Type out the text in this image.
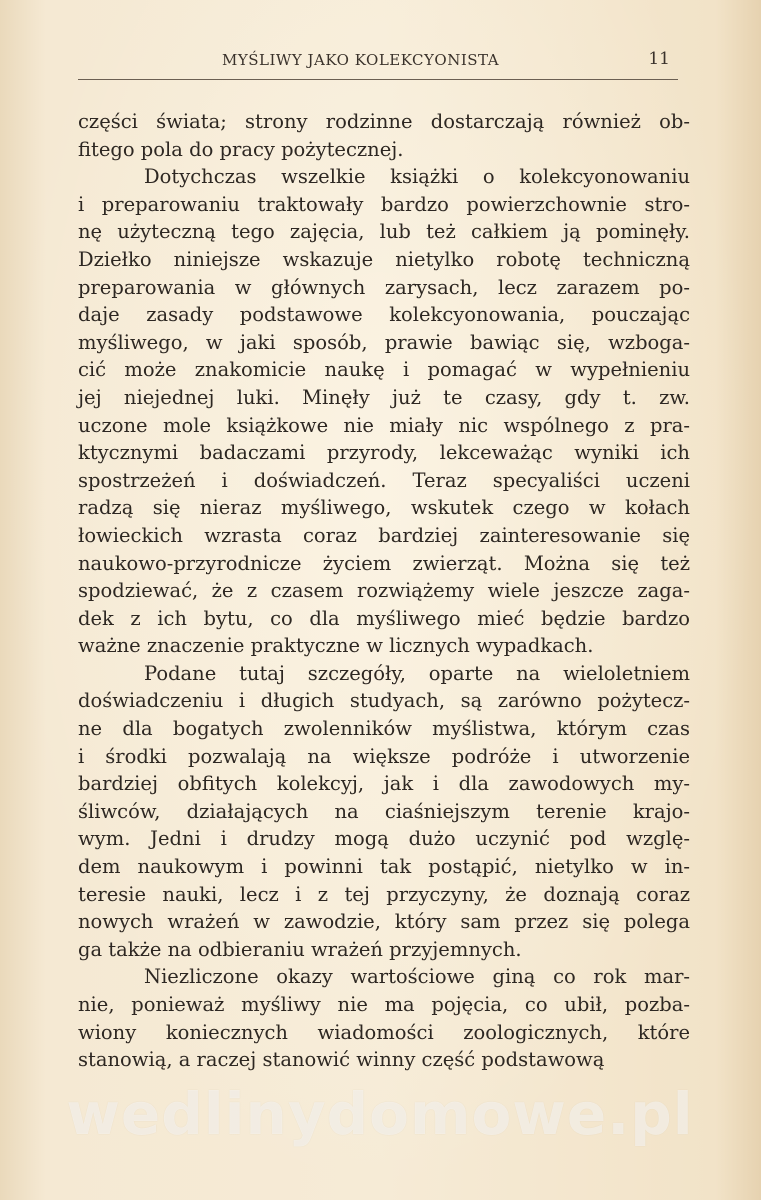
MYŚLIWY JAKO KOLEKCYONISTA	11
części świata; strony rodzinne dostarczają również ob-
fitego pola do pracy pożytecznej.
Dotychczas wszelkie książki o kolekcyonowaniu
i preparowaniu traktowały bardzo powierzchownie stro-
nę użyteczną tego zajęcia, lub też całkiem ją pominęły.
Dziełko niniejsze wskazuje nietylko robotę techniczną
preparowania w głównych zarysach, lecz zarazem po-
daje zasady podstawowe kolekcyonowania, pouczając
myśliwego, w jaki sposób, prawie bawiąc się, wzboga-
cić może znakomicie naukę i pomagać w wypełnieniu
jej niejednej luki. Minęły już te czasy, gdy t. zw.
uczone mole książkowe nie miały nic wspólnego z pra-
ktycznymi badaczami przyrody, lekceważąc wyniki ich
spostrzeżeń i doświadczeń. Teraz specyaliści uczeni
radzą się nieraz myśliwego, wskutek czego w kołach
łowieckich wzrasta coraz bardziej zainteresowanie się
naukowo-przyrodnicze życiem zwierząt. Można się też
spodziewać, że z czasem rozwiążemy wiele jeszcze zaga-
dek z ich bytu, co dla myśliwego mieć będzie bardzo
ważne znaczenie praktyczne w licznych wypadkach.
Podane tutaj szczegóły, oparte na wieloletniem
doświadczeniu i długich studyach, są zarówno pożytecz-
ne dla bogatych zwolenników myślistwa, którym czas
i środki pozwalają na większe podróże i utworzenie
bardziej obfitych kolekcyj, jak i dla zawodowych my-
śliwców, działających na ciaśniejszym terenie krajo-
wym. Jedni i drudzy mogą dużo uczynić pod wzglę-
dem naukowym i powinni tak postąpić, nietylko w in-
teresie nauki, lecz i z tej przyczyny, że doznają coraz
nowych wrażeń w zawodzie, który sam przez się polega
ga także na odbieraniu wrażeń przyjemnych.
Niezliczone okazy wartościowe giną co rok mar-
nie, ponieważ myśliwy nie ma pojęcia, co ubił, pozba-
wiony koniecznych wiadomości zoologicznych, które
stanowią, a raczej stanowić winny część podstawową
wedlinydomowe.pl
